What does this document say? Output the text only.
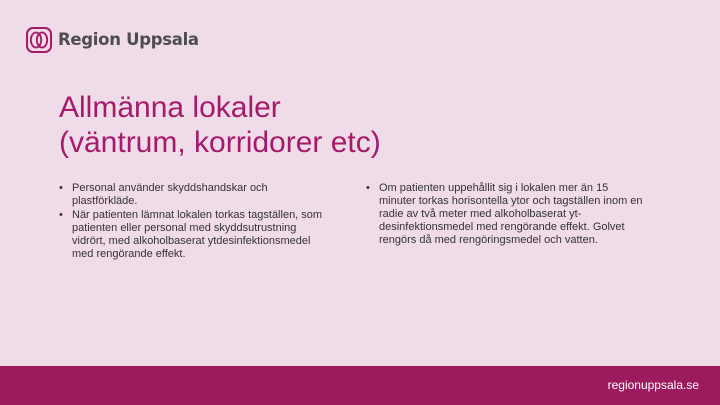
Region Uppsala
Allmänna lokaler
(väntrum, korridorer etc)
• Personal använder skyddshandskar och plastförkläde.
• När patienten lämnat lokalen torkas tagställen, som patienten eller personal med skyddsutrustning vidrört, med alkoholbaserat ytdesinfektionsmedel med rengörande effekt.
• Om patienten uppehållit sig i lokalen mer än 15 minuter torkas horisontella ytor och tagställen inom en radie av två meter med alkoholbaserat yt-desinfektionsmedel med rengörande effekt. Golvet rengörs då med rengöringsmedel och vatten.
regionuppsala.se
